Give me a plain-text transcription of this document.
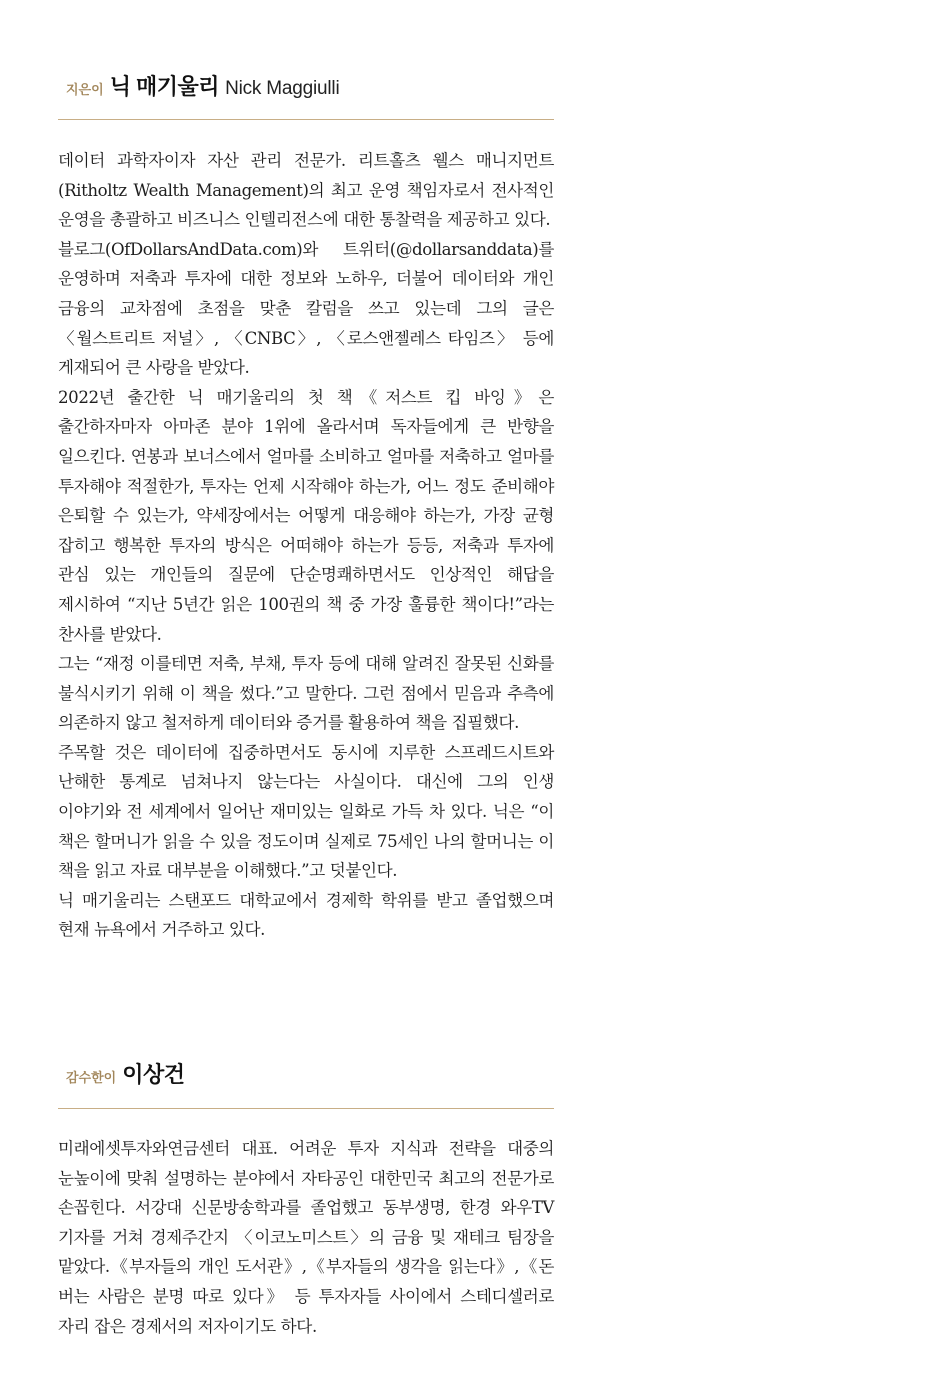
지은이 닉 매기울리 Nick Maggiulli

데이터 과학자이자 자산 관리 전문가. 리트홀츠 웰스 매니지먼트(Ritholtz Wealth Management)의 최고 운영 책임자로서 전사적인 운영을 총괄하고 비즈니스 인텔리전스에 대한 통찰력을 제공하고 있다.

블로그(OfDollarsAndData.com)와 트위터(@dollarsanddata)를 운영하며 저축과 투자에 대한 정보와 노하우, 더불어 데이터와 개인 금융의 교차점에 초점을 맞춘 칼럼을 쓰고 있는데 그의 글은 〈월스트리트 저널〉, 〈CNBC〉, 〈로스앤젤레스 타임즈〉 등에 게재되어 큰 사랑을 받았다.

2022년 출간한 닉 매기울리의 첫 책《저스트 킵 바잉》은 출간하자마자 아마존 분야 1위에 올라서며 독자들에게 큰 반향을 일으킨다. 연봉과 보너스에서 얼마를 소비하고 얼마를 저축하고 얼마를 투자해야 적절한가, 투자는 언제 시작해야 하는가, 어느 정도 준비해야 은퇴할 수 있는가, 약세장에서는 어떻게 대응해야 하는가, 가장 균형 잡히고 행복한 투자의 방식은 어떠해야 하는가 등등, 저축과 투자에 관심 있는 개인들의 질문에 단순명쾌하면서도 인상적인 해답을 제시하여 “지난 5년간 읽은 100권의 책 중 가장 훌륭한 책이다!”라는 찬사를 받았다.

그는 “재정 이를테면 저축, 부채, 투자 등에 대해 알려진 잘못된 신화를 불식시키기 위해 이 책을 썼다.”고 말한다. 그런 점에서 믿음과 추측에 의존하지 않고 철저하게 데이터와 증거를 활용하여 책을 집필했다.

주목할 것은 데이터에 집중하면서도 동시에 지루한 스프레드시트와 난해한 통계로 넘쳐나지 않는다는 사실이다. 대신에 그의 인생 이야기와 전 세계에서 일어난 재미있는 일화로 가득 차 있다. 닉은 “이 책은 할머니가 읽을 수 있을 정도이며 실제로 75세인 나의 할머니는 이 책을 읽고 자료 대부분을 이해했다.”고 덧붙인다.

닉 매기울리는 스탠포드 대학교에서 경제학 학위를 받고 졸업했으며 현재 뉴욕에서 거주하고 있다.

감수한이 이상건

미래에셋투자와연금센터 대표. 어려운 투자 지식과 전략을 대중의 눈높이에 맞춰 설명하는 분야에서 자타공인 대한민국 최고의 전문가로 손꼽힌다. 서강대 신문방송학과를 졸업했고 동부생명, 한경 와우TV 기자를 거쳐 경제주간지 〈이코노미스트〉의 금융 및 재테크 팀장을 맡았다.《부자들의 개인 도서관》,《부자들의 생각을 읽는다》,《돈 버는 사람은 분명 따로 있다》 등 투자자들 사이에서 스테디셀러로 자리 잡은 경제서의 저자이기도 하다.
